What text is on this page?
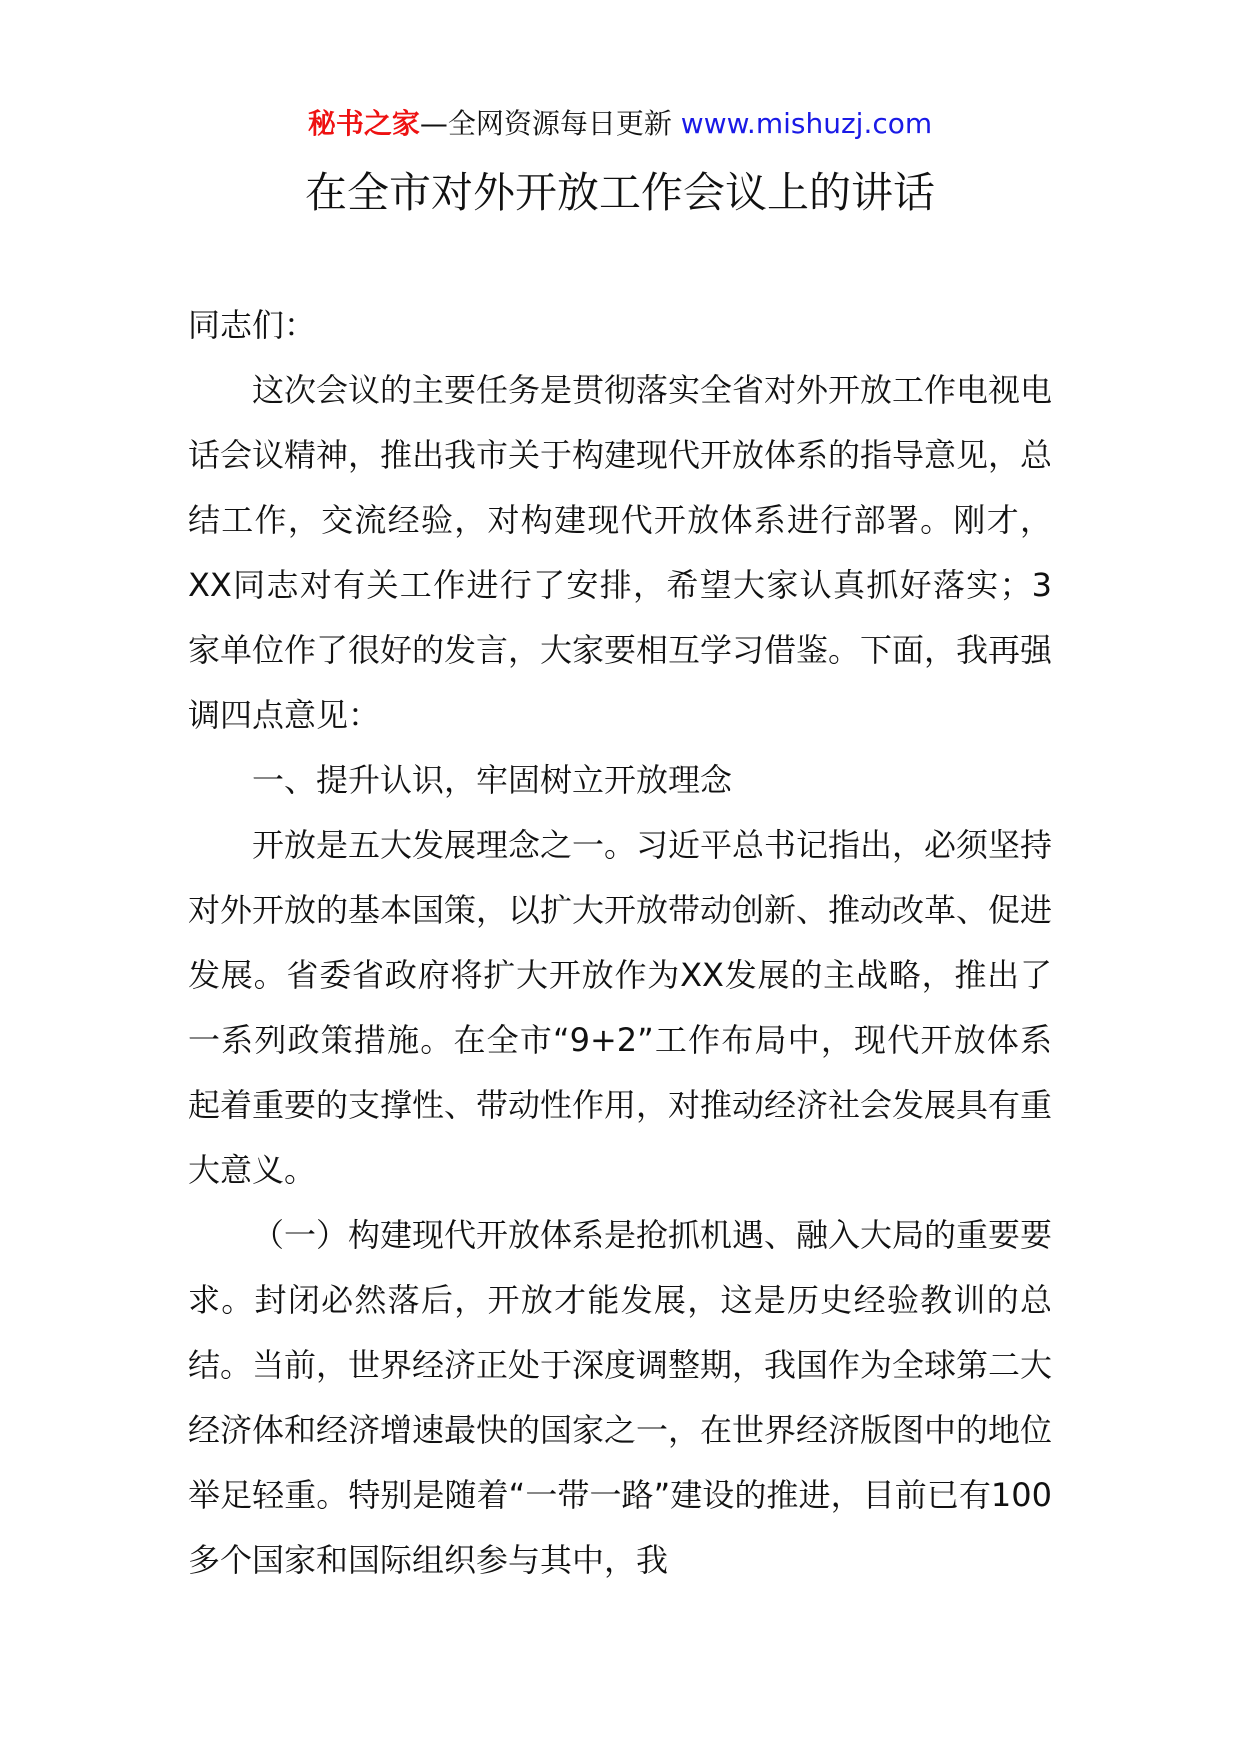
秘书之家—全网资源每日更新 www.mishuzj.com
在全市对外开放工作会议上的讲话

同志们：

这次会议的主要任务是贯彻落实全省对外开放工作电视电话会议精神，推出我市关于构建现代开放体系的指导意见，总结工作，交流经验，对构建现代开放体系进行部署。刚才，XX同志对有关工作进行了安排，希望大家认真抓好落实；3家单位作了很好的发言，大家要相互学习借鉴。下面，我再强调四点意见：

一、提升认识，牢固树立开放理念

开放是五大发展理念之一。习近平总书记指出，必须坚持对外开放的基本国策，以扩大开放带动创新、推动改革、促进发展。省委省政府将扩大开放作为XX发展的主战略，推出了一系列政策措施。在全市“9+2”工作布局中，现代开放体系起着重要的支撑性、带动性作用，对推动经济社会发展具有重大意义。

（一）构建现代开放体系是抢抓机遇、融入大局的重要要求。封闭必然落后，开放才能发展，这是历史经验教训的总结。当前，世界经济正处于深度调整期，我国作为全球第二大经济体和经济增速最快的国家之一，在世界经济版图中的地位举足轻重。特别是随着“一带一路”建设的推进，目前已有100多个国家和国际组织参与其中，我
